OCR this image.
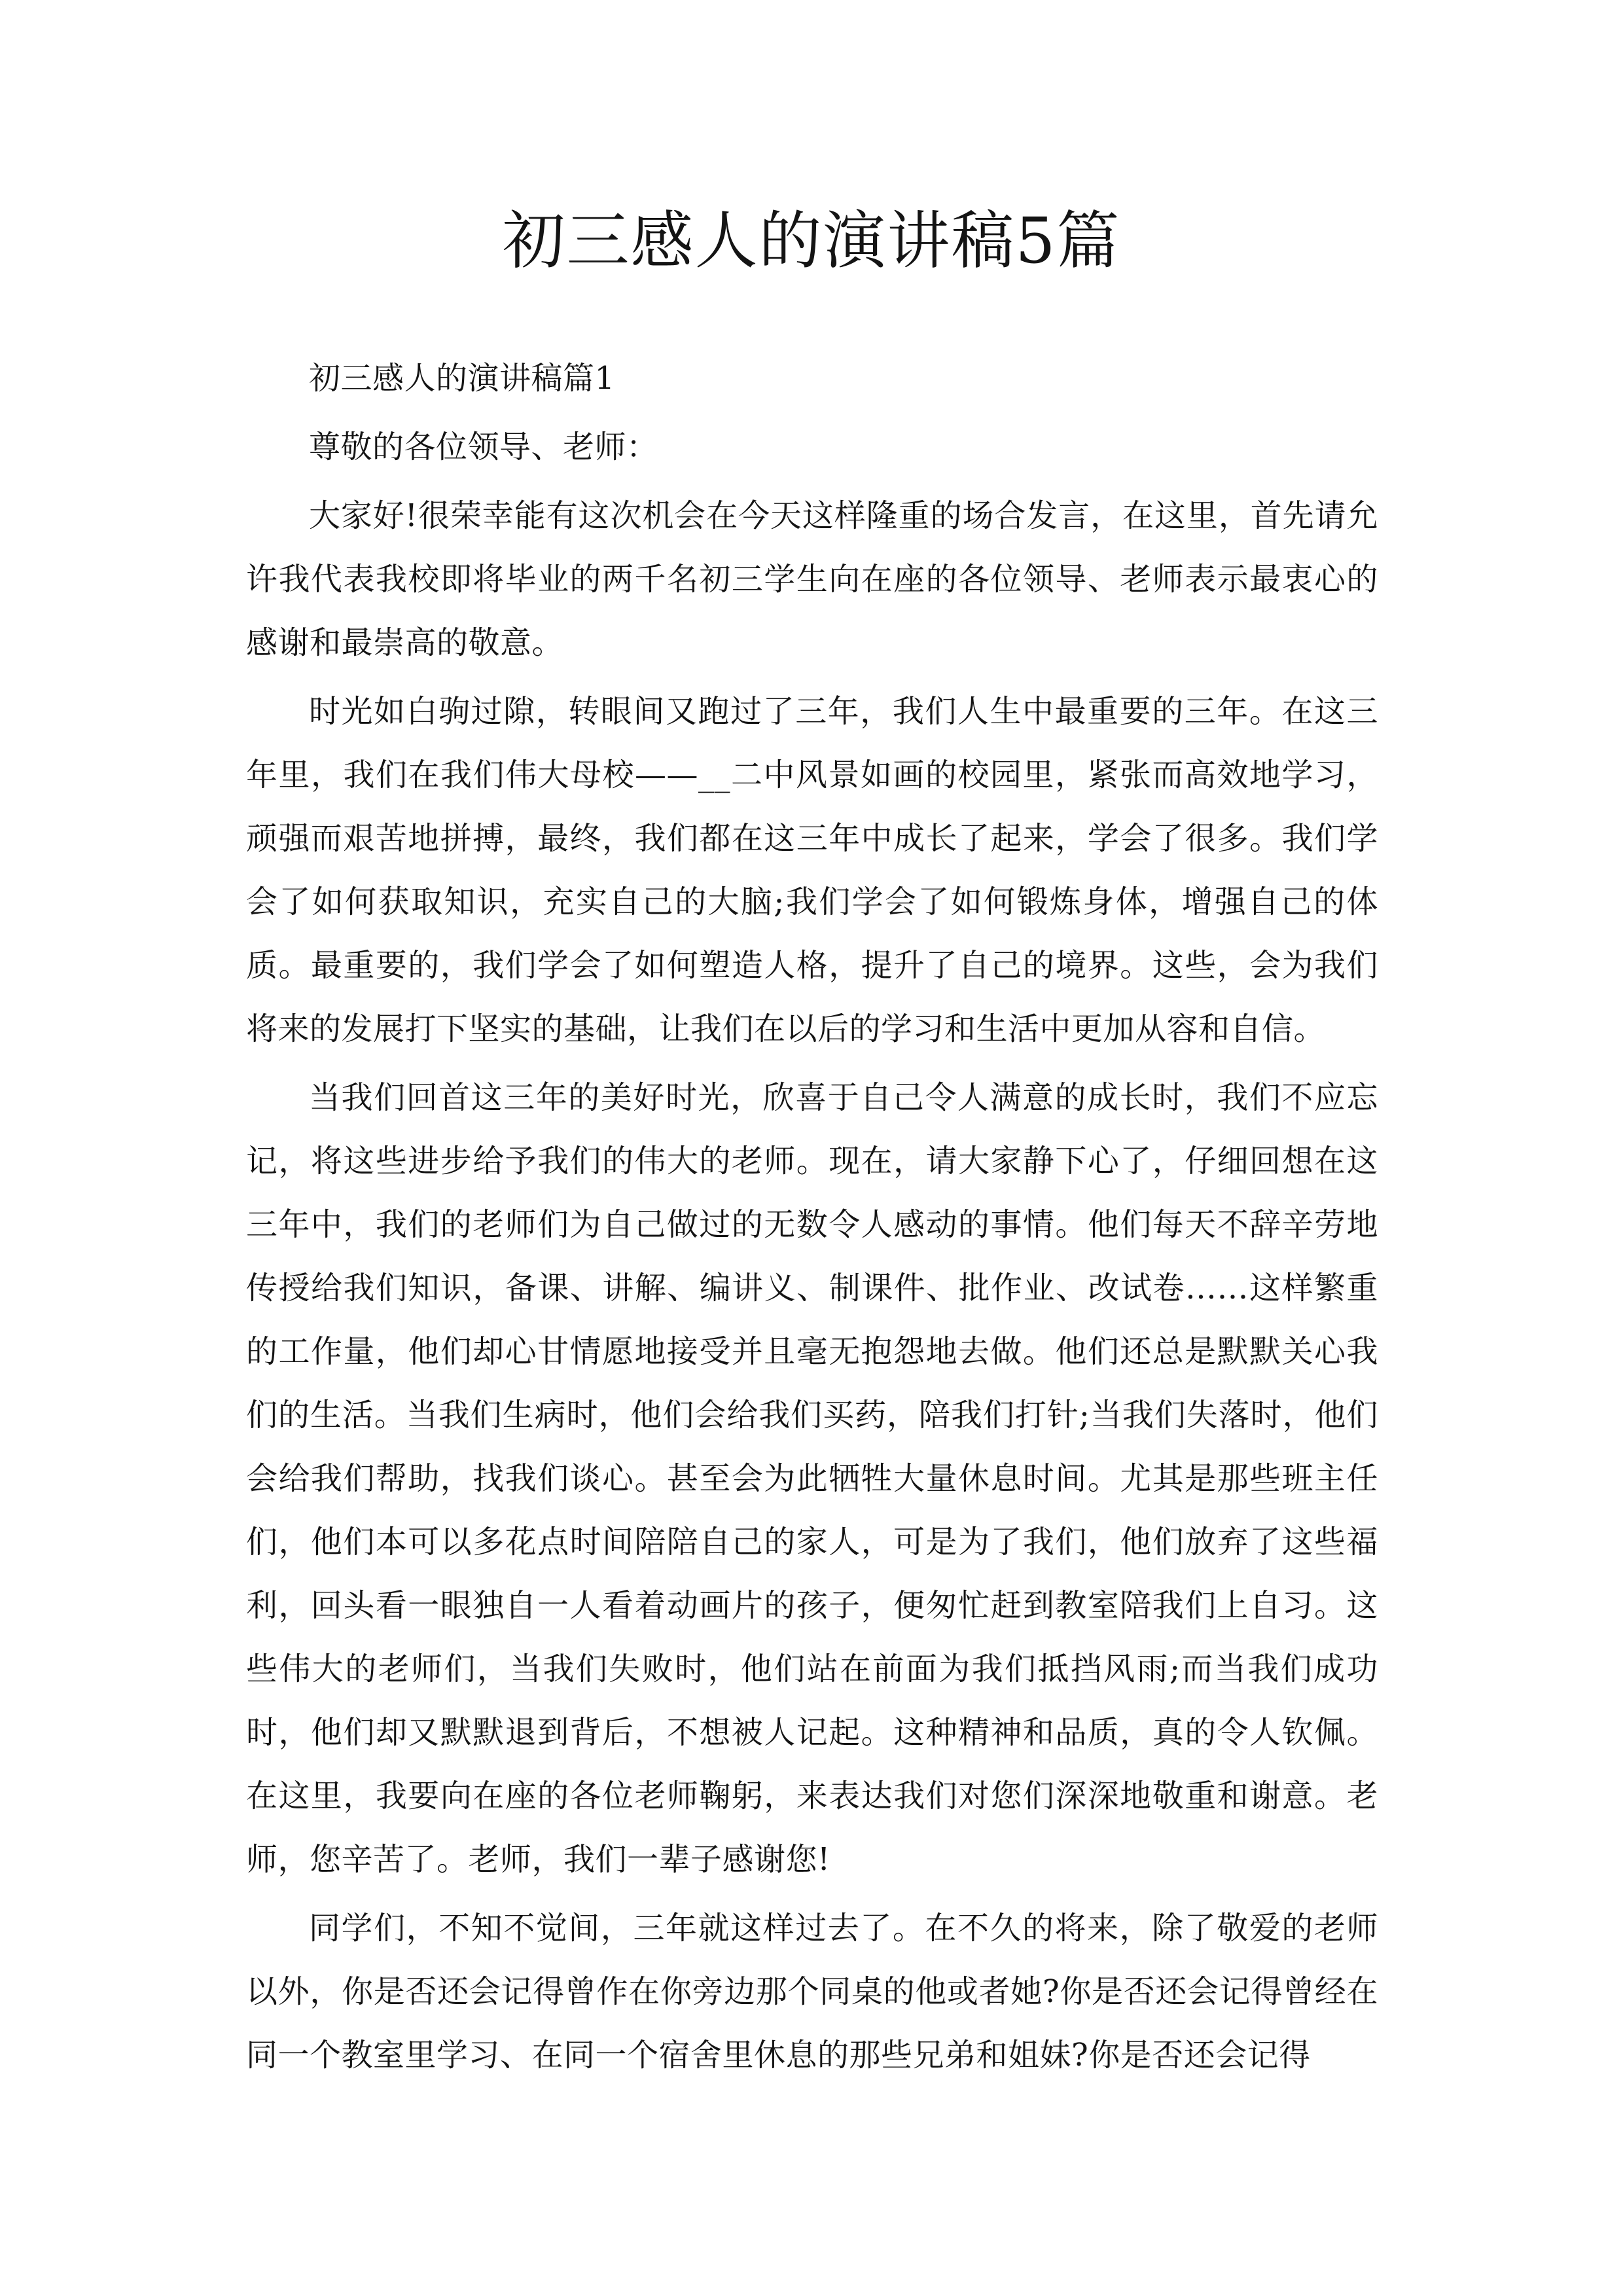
初三感人的演讲稿5篇

初三感人的演讲稿篇1

尊敬的各位领导、老师：

大家好!很荣幸能有这次机会在今天这样隆重的场合发言，在这里，首先请允许我代表我校即将毕业的两千名初三学生向在座的各位领导、老师表示最衷心的感谢和最崇高的敬意。

时光如白驹过隙，转眼间又跑过了三年，我们人生中最重要的三年。在这三年里，我们在我们伟大母校——__二中风景如画的校园里，紧张而高效地学习，顽强而艰苦地拼搏，最终，我们都在这三年中成长了起来，学会了很多。我们学会了如何获取知识，充实自己的大脑;我们学会了如何锻炼身体，增强自己的体质。最重要的，我们学会了如何塑造人格，提升了自己的境界。这些，会为我们将来的发展打下坚实的基础，让我们在以后的学习和生活中更加从容和自信。

当我们回首这三年的美好时光，欣喜于自己令人满意的成长时，我们不应忘记，将这些进步给予我们的伟大的老师。现在，请大家静下心了，仔细回想在这三年中，我们的老师们为自己做过的无数令人感动的事情。他们每天不辞辛劳地传授给我们知识，备课、讲解、编讲义、制课件、批作业、改试卷……这样繁重的工作量，他们却心甘情愿地接受并且毫无抱怨地去做。他们还总是默默关心我们的生活。当我们生病时，他们会给我们买药，陪我们打针;当我们失落时，他们会给我们帮助，找我们谈心。甚至会为此牺牲大量休息时间。尤其是那些班主任们，他们本可以多花点时间陪陪自己的家人，可是为了我们，他们放弃了这些福利，回头看一眼独自一人看着动画片的孩子，便匆忙赶到教室陪我们上自习。这些伟大的老师们，当我们失败时，他们站在前面为我们抵挡风雨;而当我们成功时，他们却又默默退到背后，不想被人记起。这种精神和品质，真的令人钦佩。在这里，我要向在座的各位老师鞠躬，来表达我们对您们深深地敬重和谢意。老师，您辛苦了。老师，我们一辈子感谢您!

同学们，不知不觉间，三年就这样过去了。在不久的将来，除了敬爱的老师以外，你是否还会记得曾作在你旁边那个同桌的他或者她?你是否还会记得曾经在同一个教室里学习、在同一个宿舍里休息的那些兄弟和姐妹?你是否还会记得
